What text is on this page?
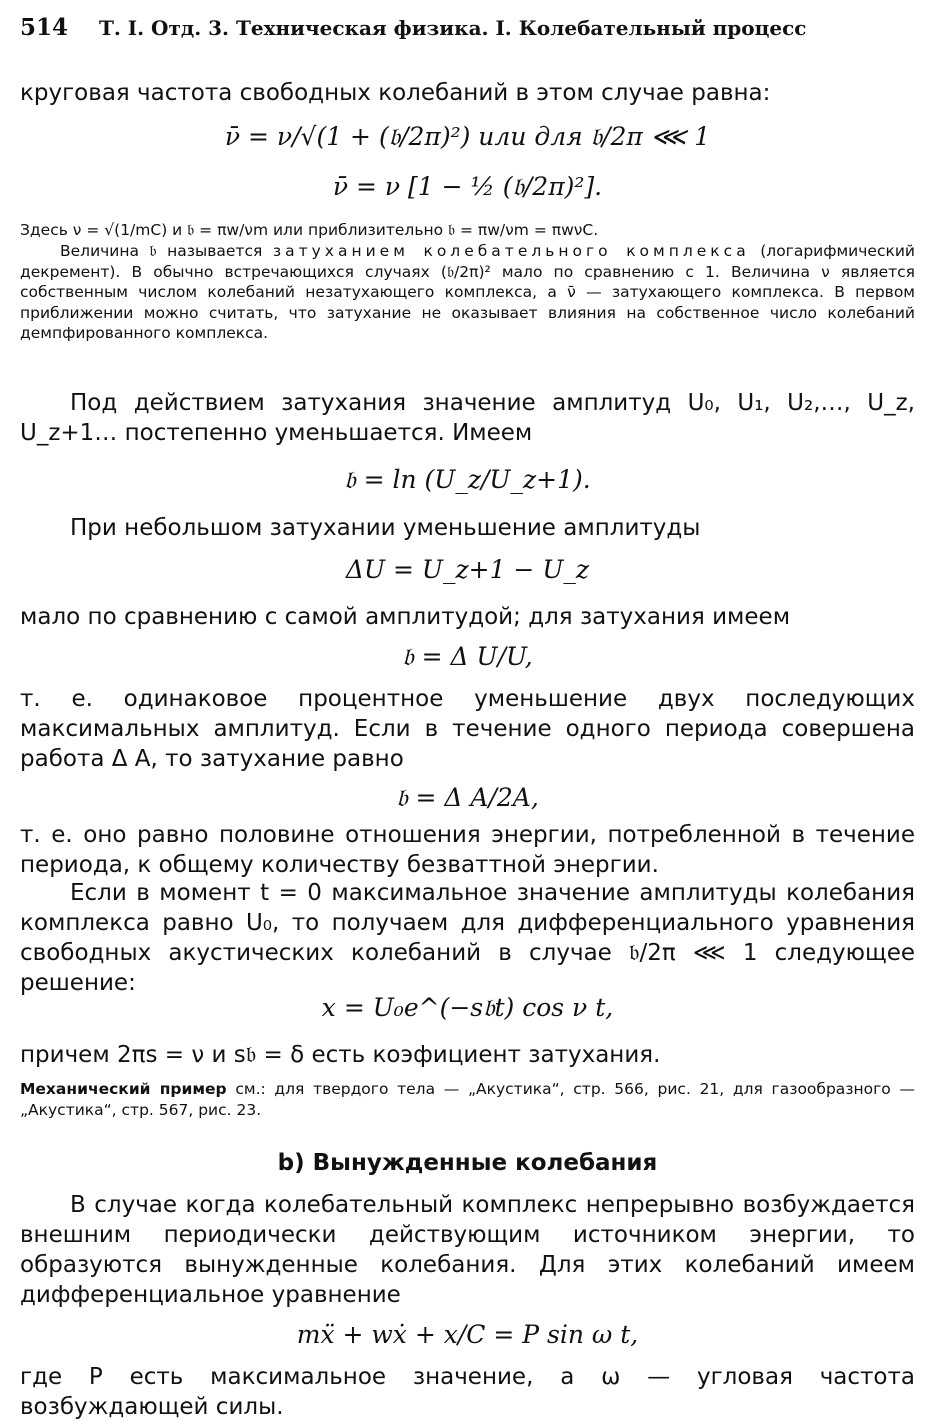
514 Т. I. Отд. 3. Техническая физика. I. Колебательный процесс
круговая частота свободных колебаний в этом случае равна:
ν̄ = ν/√(1 + (𝔟/2π)²) или для 𝔟/2π ⋘ 1
ν̄ = ν [1 − ½ (𝔟/2π)²].
Здесь ν = √(1/mC) и 𝔟 = πw/νm или приблизительно 𝔟 = πw/νm = πwνC.
Величина 𝔟 называется затуханием колебательного комплекса (логарифмический декремент). В обычно встречающихся случаях (𝔟/2π)² мало по сравнению с 1. Величина ν является собственным числом колебаний незатухающего комплекса, а ν̄ — затухающего комплекса. В первом приближении можно считать, что затухание не оказывает влияния на собственное число колебаний демпфированного комплекса.
Под действием затухания значение амплитуд U₀, U₁, U₂,…, U_z, U_z+1… постепенно уменьшается. Имеем
𝔟 = ln (U_z/U_z+1).
При небольшом затухании уменьшение амплитуды
ΔU = U_z+1 − U_z
мало по сравнению с самой амплитудой; для затухания имеем
𝔟 = Δ U/U,
т. е. одинаковое процентное уменьшение двух последующих максимальных амплитуд. Если в течение одного периода совершена работа Δ A, то затухание равно
𝔟 = Δ A/2A,
т. е. оно равно половине отношения энергии, потребленной в течение периода, к общему количеству безваттной энергии.
Если в момент t = 0 максимальное значение амплитуды колебания комплекса равно U₀, то получаем для дифференциального уравнения свободных акустических колебаний в случае 𝔟/2π ⋘ 1 следующее решение:
x = U₀e^(−s𝔟t) cos ν t,
причем 2πs = ν и s𝔟 = δ есть коэфициент затухания.
Механический пример см.: для твердого тела — „Акустика“, стр. 566, рис. 21, для газообразного — „Акустика“, стр. 567, рис. 23.
b) Вынужденные колебания
В случае когда колебательный комплекс непрерывно возбуждается внешним периодически действующим источником энергии, то образуются вынужденные колебания. Для этих колебаний имеем дифференциальное уравнение
mẍ + wẋ + x/C = P sin ω t,
где P есть максимальное значение, а ω — угловая частота возбуждающей силы.
